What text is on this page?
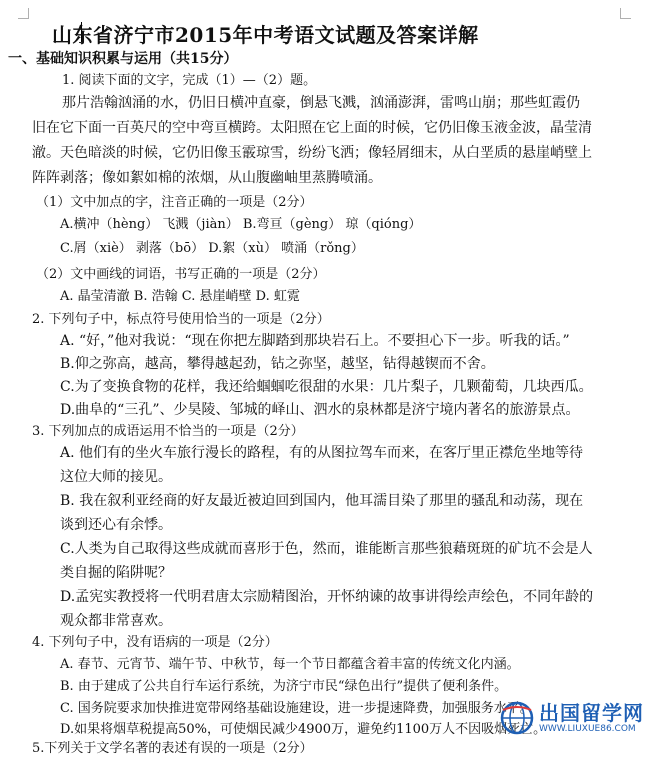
山东省济宁市2015年中考语文试题及答案详解
一、基础知识积累与运用（共15分）
1. 阅读下面的文字，完成（1）—（2）题。
那片浩翰汹涌的水，仍旧日横冲直豪，倒悬飞溅，汹涌澎湃，雷鸣山崩；那些虹霞仍
旧在它下面一百英尺的空中弯亘横跨。太阳照在它上面的时候，它仍旧像玉液金波，晶莹清
澈。天色暗淡的时候，它仍旧像玉霰琼雪，纷纷飞洒；像轻屑细末，从白垩质的悬崖峭壁上
阵阵剥落；像如絮如棉的浓烟，从山腹幽岫里蒸腾喷涌。
（1）文中加点的字，注音正确的一项是（2分）
A.横冲（hèng） 飞溅（jiàn） B.弯亘（gèng） 琼（qióng）
C.屑（xiè） 剥落（bō） D.絮（xù） 喷涌（rǒng）
（2）文中画线的词语，书写正确的一项是（2分）
A. 晶莹清澈 B. 浩翰 C. 悬崖峭壁 D. 虹霓
2. 下列句子中，标点符号使用恰当的一项是（2分）
A. “好，”他对我说：“现在你把左脚踏到那块岩石上。不要担心下一步。听我的话。”
B.仰之弥高，越高，攀得越起劲，钻之弥坚，越坚，钻得越锲而不舍。
C.为了变换食物的花样，我还给蝈蝈吃很甜的水果：几片梨子，几颗葡萄，几块西瓜。
D.曲阜的“三孔”、少昊陵、邹城的峄山、泗水的泉林都是济宁境内著名的旅游景点。
3. 下列加点的成语运用不恰当的一项是（2分）
A. 他们有的坐火车旅行漫长的路程，有的从图拉驾车而来，在客厅里正襟危坐地等待
这位大师的接见。
B. 我在叙利亚经商的好友最近被迫回到国内，他耳濡目染了那里的骚乱和动荡，现在
谈到还心有余悸。
C.人类为自己取得这些成就而喜形于色，然而，谁能断言那些狼藉斑斑的矿坑不会是人
类自掘的陷阱呢？
D.孟宪实教授将一代明君唐太宗励精图治，开怀纳谏的故事讲得绘声绘色，不同年龄的
观众都非常喜欢。
4. 下列句子中，没有语病的一项是（2分）
A. 春节、元宵节、端午节、中秋节，每一个节日都蕴含着丰富的传统文化内涵。
B. 由于建成了公共自行车运行系统，为济宁市民“绿色出行”提供了便利条件。
C. 国务院要求加快推进宽带网络基础设施建设，进一步提速降费，加强服务水平。
D.如果将烟草税提高50%，可使烟民减少4900万，避免约1100万人不因吸烟死亡。
5.下列关于文学名著的表述有误的一项是（2分）
出国留学网
WWW.LIUXUE86.COM
